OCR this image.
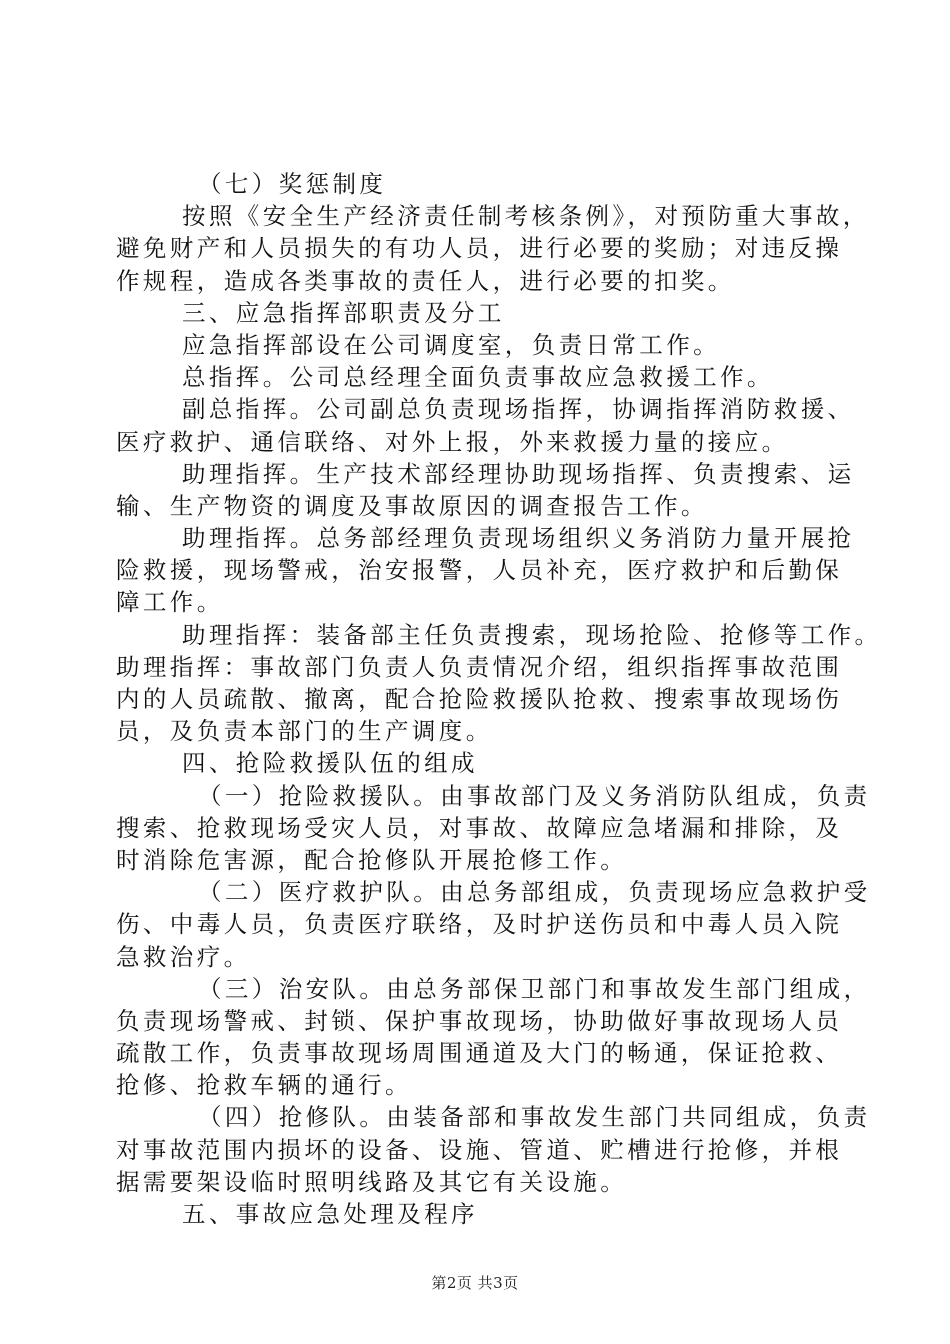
（七）奖惩制度
按照《安全生产经济责任制考核条例》，对预防重大事故，
避免财产和人员损失的有功人员，进行必要的奖励；对违反操
作规程，造成各类事故的责任人，进行必要的扣奖。
三、应急指挥部职责及分工
应急指挥部设在公司调度室，负责日常工作。
总指挥。公司总经理全面负责事故应急救援工作。
副总指挥。公司副总负责现场指挥，协调指挥消防救援、
医疗救护、通信联络、对外上报，外来救援力量的接应。
助理指挥。生产技术部经理协助现场指挥、负责搜索、运
输、生产物资的调度及事故原因的调查报告工作。
助理指挥。总务部经理负责现场组织义务消防力量开展抢
险救援，现场警戒，治安报警，人员补充，医疗救护和后勤保
障工作。
助理指挥：装备部主任负责搜索，现场抢险、抢修等工作。
助理指挥：事故部门负责人负责情况介绍，组织指挥事故范围
内的人员疏散、撤离，配合抢险救援队抢救、搜索事故现场伤
员，及负责本部门的生产调度。
四、抢险救援队伍的组成
（一）抢险救援队。由事故部门及义务消防队组成，负责
搜索、抢救现场受灾人员，对事故、故障应急堵漏和排除，及
时消除危害源，配合抢修队开展抢修工作。
（二）医疗救护队。由总务部组成，负责现场应急救护受
伤、中毒人员，负责医疗联络，及时护送伤员和中毒人员入院
急救治疗。
（三）治安队。由总务部保卫部门和事故发生部门组成，
负责现场警戒、封锁、保护事故现场，协助做好事故现场人员
疏散工作，负责事故现场周围通道及大门的畅通，保证抢救、
抢修、抢救车辆的通行。
（四）抢修队。由装备部和事故发生部门共同组成，负责
对事故范围内损坏的设备、设施、管道、贮槽进行抢修，并根
据需要架设临时照明线路及其它有关设施。
五、事故应急处理及程序
第2页 共3页
